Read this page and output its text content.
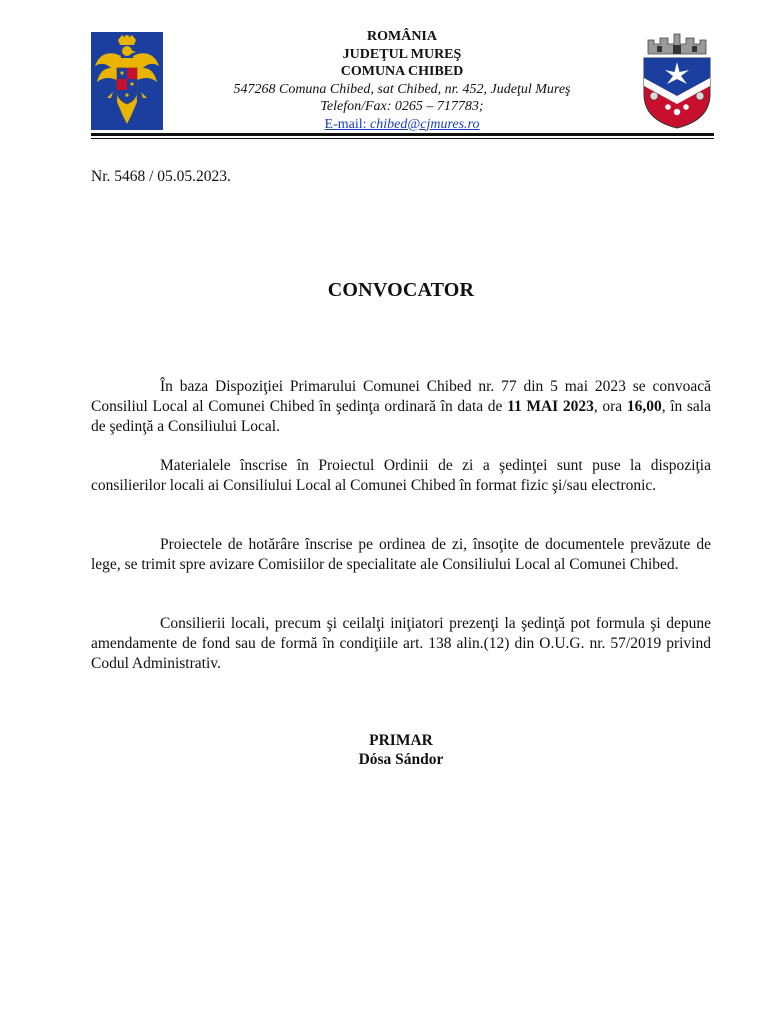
ROMÂNIA
JUDEŢUL MUREŞ
COMUNA CHIBED
547268 Comuna Chibed, sat Chibed, nr. 452, Judeţul Mureş
Telefon/Fax: 0265 – 717783;
E-mail: chibed@cjmures.ro
Nr. 5468 / 05.05.2023.
CONVOCATOR
În baza Dispoziţiei Primarului Comunei Chibed nr. 77 din 5 mai 2023 se convoacă Consiliul Local al Comunei Chibed în şedinţa ordinară în data de 11 MAI 2023, ora 16,00, în sala de şedinţă a Consiliului Local.
Materialele înscrise în Proiectul Ordinii de zi a şedinţei sunt puse la dispoziţia consilierilor locali ai Consiliului Local al Comunei Chibed în format fizic şi/sau electronic.
Proiectele de hotărâre înscrise pe ordinea de zi, însoţite de documentele prevăzute de lege, se trimit spre avizare Comisiilor de specialitate ale Consiliului Local al Comunei Chibed.
Consilierii locali, precum şi ceilalţi iniţiatori prezenţi la şedinţă pot formula şi depune amendamente de fond sau de formă în condiţiile art. 138 alin.(12) din O.U.G. nr. 57/2019 privind Codul Administrativ.
PRIMAR
Dósa Sándor
